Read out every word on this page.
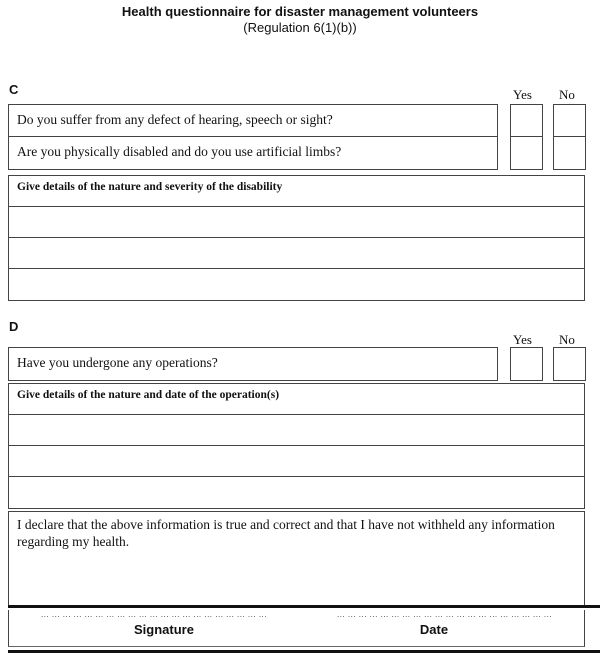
Health questionnaire for disaster management volunteers
(Regulation 6(1)(b))
C	Yes No
Do you suffer from any defect of hearing, speech or sight?
Are you physically disabled and do you use artificial limbs?
Give details of the nature and severity of the disability
D
Yes No
Have you undergone any operations?
Give details of the nature and date of the operation(s)
I declare that the above information is true and correct and that I have not withheld any information regarding my health.
... ... ... ... ... ... ... ... ... ... ... ... ... ... ... ... ... ... ... ... ...
Signature
... ... ... ... ... ... ... ... ... ... ... ... ... ... ... ... ... ... ... ...
Date
